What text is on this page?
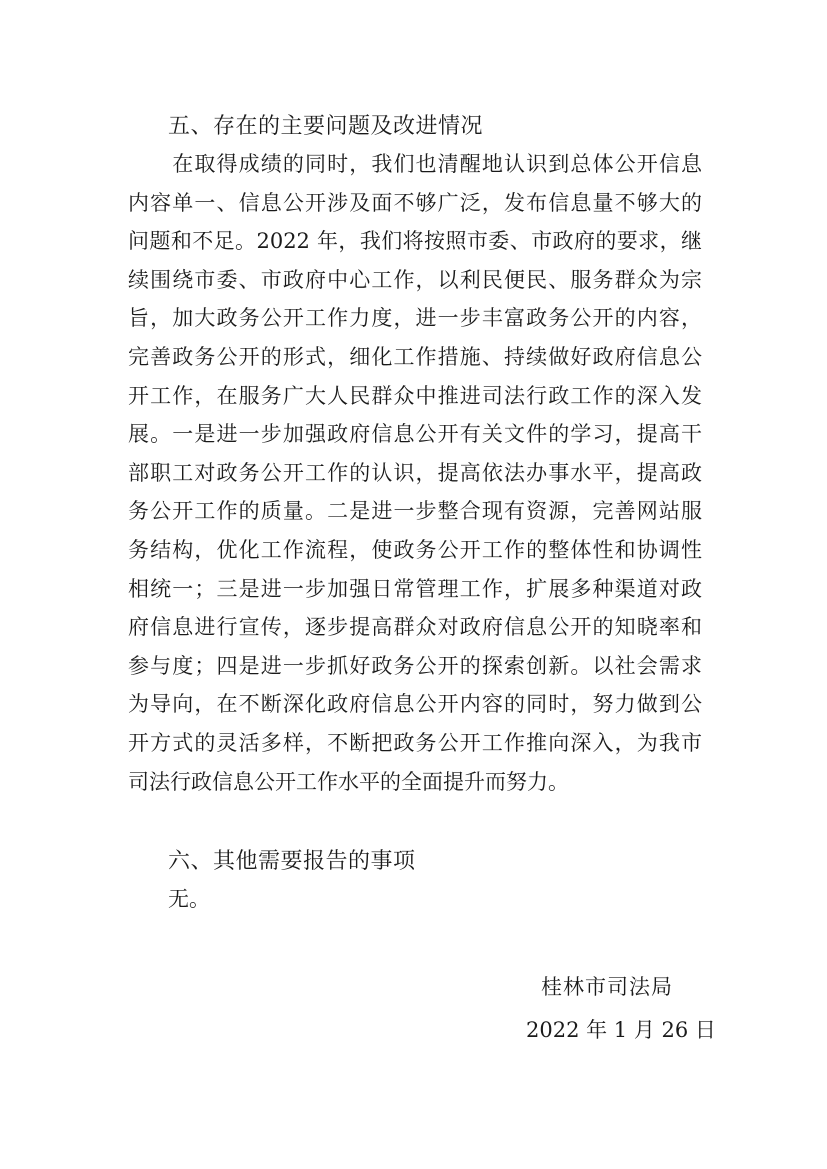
五、存在的主要问题及改进情况
　　在取得成绩的同时，我们也清醒地认识到总体公开信息
内容单一、信息公开涉及面不够广泛，发布信息量不够大的
问题和不足。2022 年，我们将按照市委、市政府的要求，继
续围绕市委、市政府中心工作，以利民便民、服务群众为宗
旨，加大政务公开工作力度，进一步丰富政务公开的内容，
完善政务公开的形式，细化工作措施、持续做好政府信息公
开工作，在服务广大人民群众中推进司法行政工作的深入发
展。一是进一步加强政府信息公开有关文件的学习，提高干
部职工对政务公开工作的认识，提高依法办事水平，提高政
务公开工作的质量。二是进一步整合现有资源，完善网站服
务结构，优化工作流程，使政务公开工作的整体性和协调性
相统一；三是进一步加强日常管理工作，扩展多种渠道对政
府信息进行宣传，逐步提高群众对政府信息公开的知晓率和
参与度；四是进一步抓好政务公开的探索创新。以社会需求
为导向，在不断深化政府信息公开内容的同时，努力做到公
开方式的灵活多样，不断把政务公开工作推向深入，为我市
司法行政信息公开工作水平的全面提升而努力。
六、其他需要报告的事项
无。
桂林市司法局
2022 年 1 月 26 日
